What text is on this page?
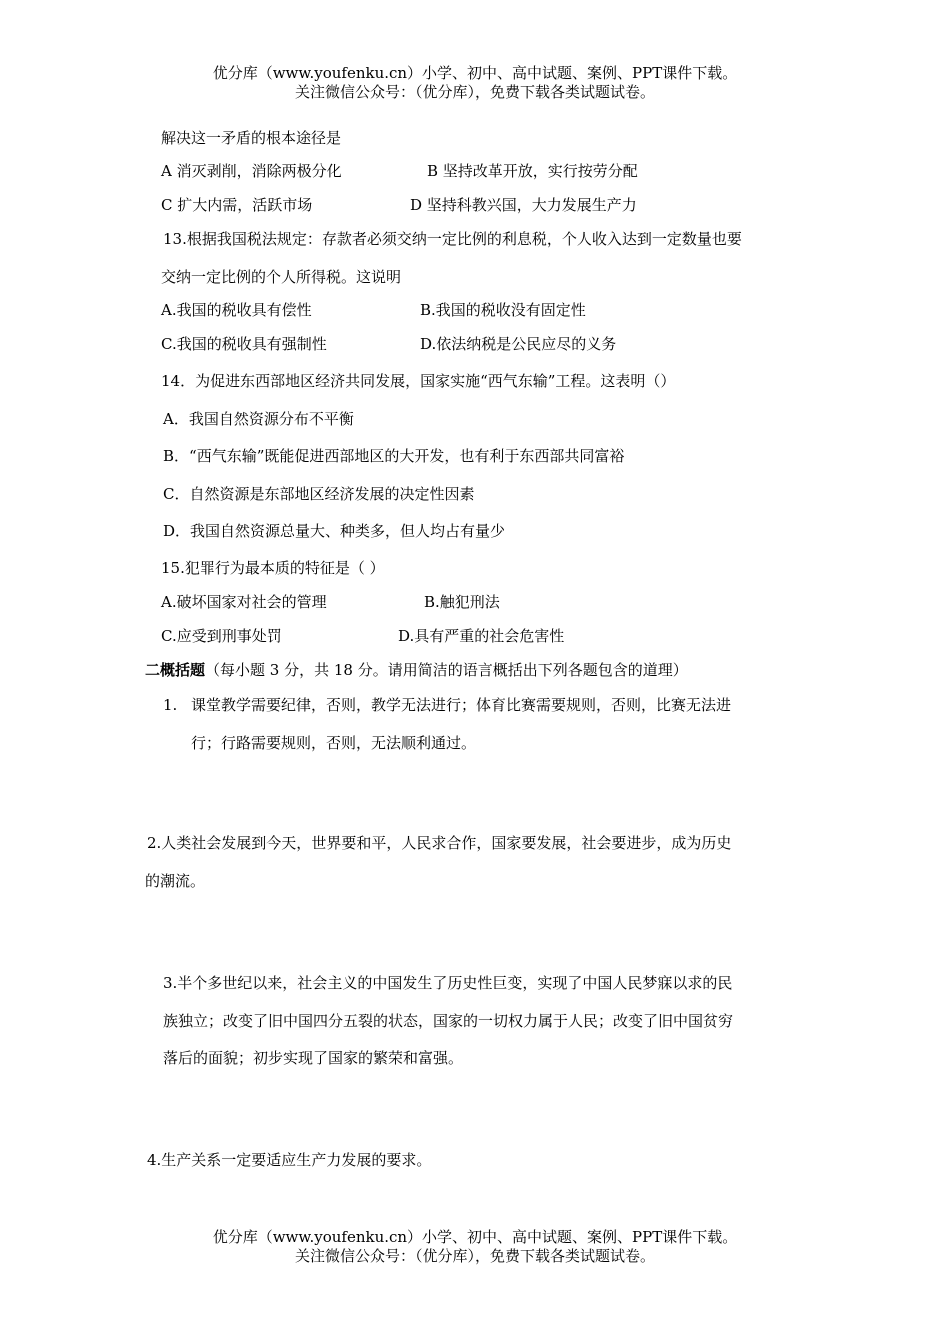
优分库（www.youfenku.cn）小学、初中、高中试题、案例、PPT课件下载。
关注微信公众号：（优分库），免费下载各类试题试卷。
解决这一矛盾的根本途径是
A 消灭剥削，消除两极分化	B 坚持改革开放，实行按劳分配
C 扩大内需，活跃市场	D 坚持科教兴国，大力发展生产力
13.根据我国税法规定：存款者必须交纳一定比例的利息税，个人收入达到一定数量也要
交纳一定比例的个人所得税。这说明
A.我国的税收具有偿性	B.我国的税收没有固定性
C.我国的税收具有强制性	D.依法纳税是公民应尽的义务
14．为促进东西部地区经济共同发展，国家实施“西气东输”工程。这表明（）
A．我国自然资源分布不平衡
B．“西气东输”既能促进西部地区的大开发，也有利于东西部共同富裕
C．自然资源是东部地区经济发展的决定性因素
D．我国自然资源总量大、种类多，但人均占有量少
15.犯罪行为最本质的特征是（ ）
A.破坏国家对社会的管理	B.触犯刑法
C.应受到刑事处罚	D.具有严重的社会危害性
二概括题（每小题 3 分，共 18 分。请用简洁的语言概括出下列各题包含的道理）
1. 课堂教学需要纪律，否则，教学无法进行；体育比赛需要规则，否则，比赛无法进
行；行路需要规则，否则，无法顺利通过。
2.人类社会发展到今天，世界要和平，人民求合作，国家要发展，社会要进步，成为历史
的潮流。
3.半个多世纪以来，社会主义的中国发生了历史性巨变，实现了中国人民梦寐以求的民
族独立；改变了旧中国四分五裂的状态，国家的一切权力属于人民；改变了旧中国贫穷
落后的面貌；初步实现了国家的繁荣和富强。
4.生产关系一定要适应生产力发展的要求。
优分库（www.youfenku.cn）小学、初中、高中试题、案例、PPT课件下载。
关注微信公众号：（优分库），免费下载各类试题试卷。
